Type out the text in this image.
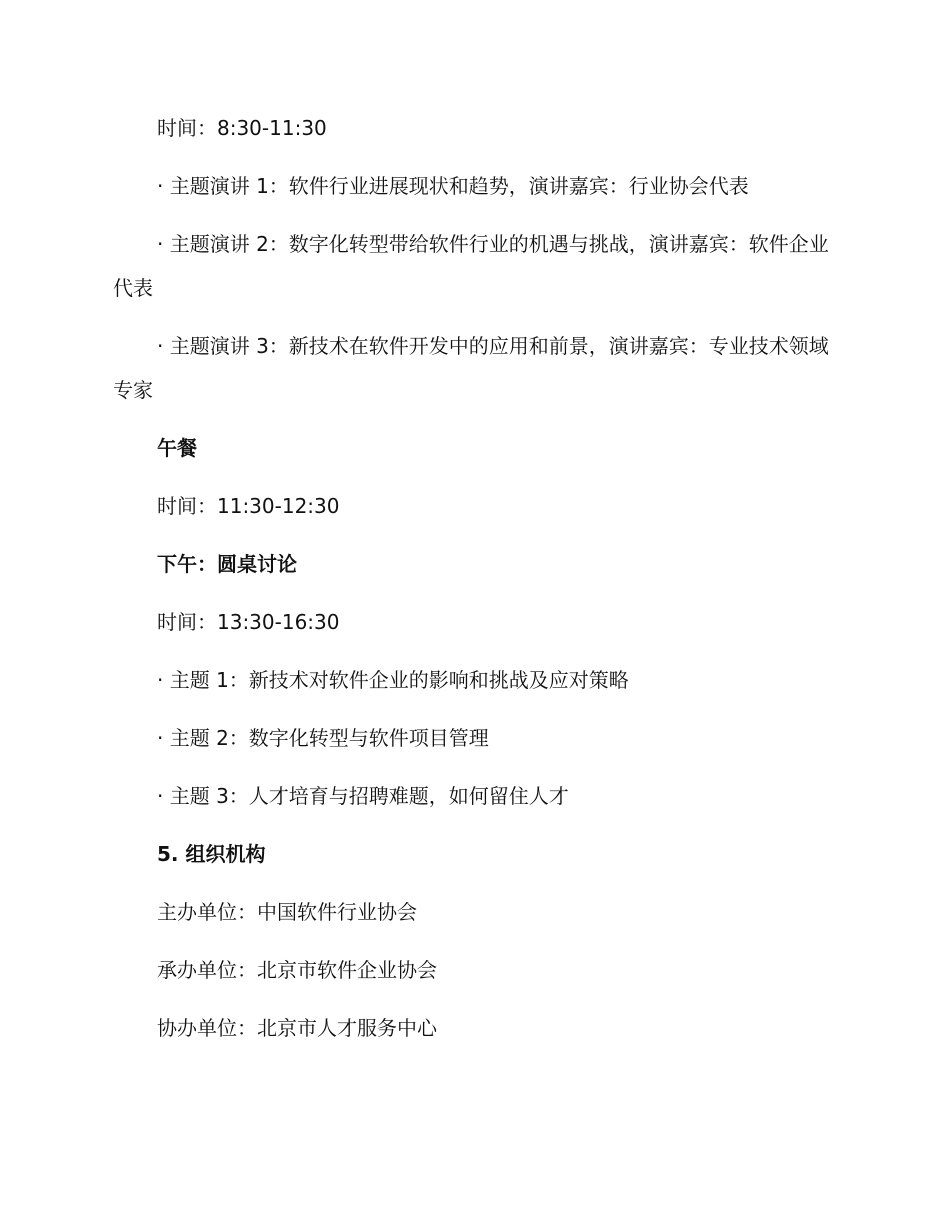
时间：8:30-11:30

· 主题演讲 1：软件行业进展现状和趋势，演讲嘉宾：行业协会代表

· 主题演讲 2：数字化转型带给软件行业的机遇与挑战，演讲嘉宾：软件企业代表

· 主题演讲 3：新技术在软件开发中的应用和前景，演讲嘉宾：专业技术领域专家

午餐

时间：11:30-12:30

下午：圆桌讨论

时间：13:30-16:30

· 主题 1：新技术对软件企业的影响和挑战及应对策略

· 主题 2：数字化转型与软件项目管理

· 主题 3：人才培育与招聘难题，如何留住人才

5. 组织机构

主办单位：中国软件行业协会

承办单位：北京市软件企业协会

协办单位：北京市人才服务中心
